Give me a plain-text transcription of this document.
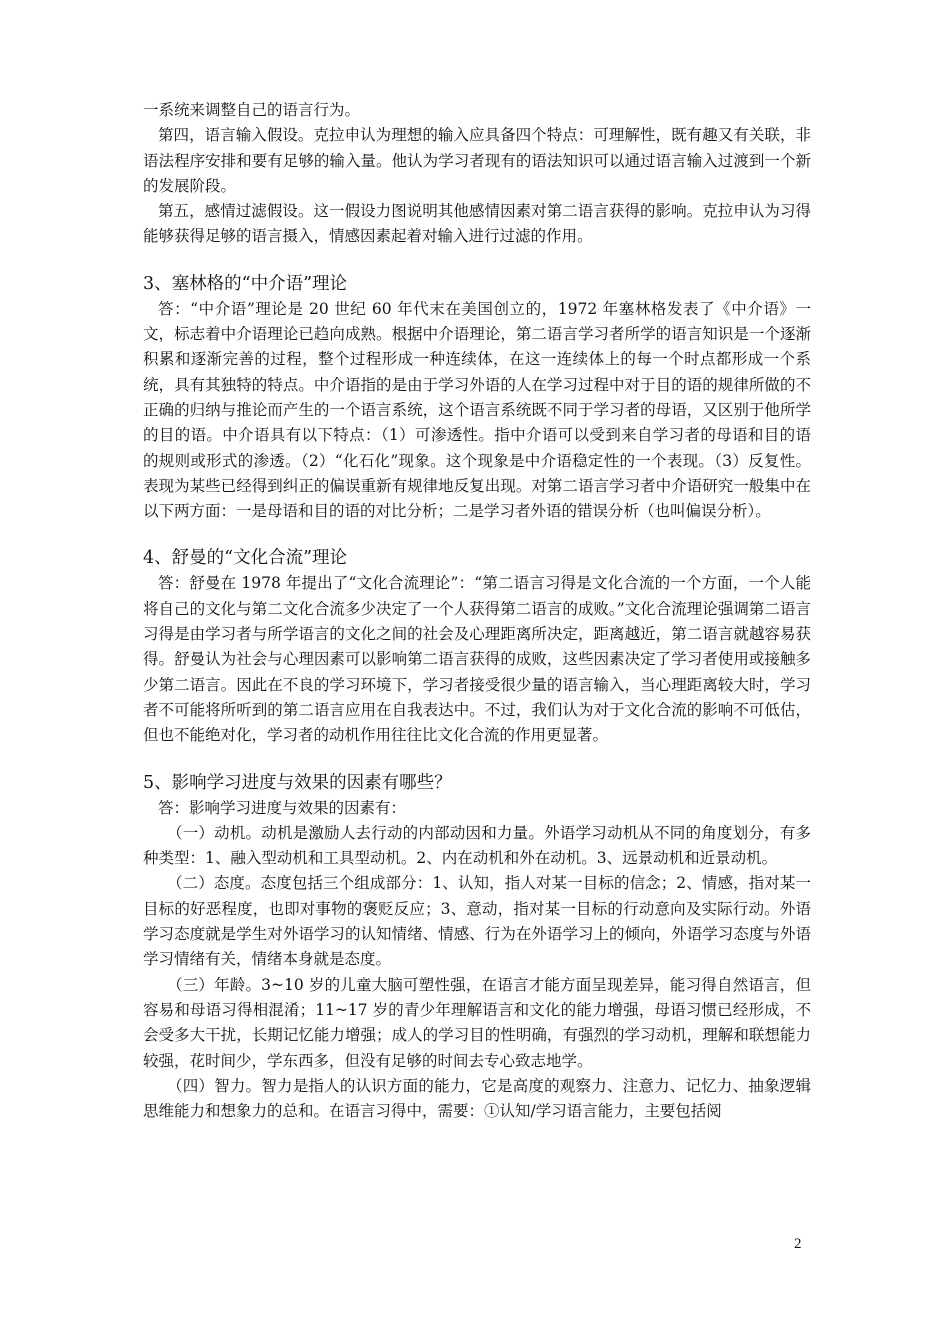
一系统来调整自己的语言行为。

第四，语言输入假设。克拉申认为理想的输入应具备四个特点：可理解性，既有趣又有关联，非语法程序安排和要有足够的输入量。他认为学习者现有的语法知识可以通过语言输入过渡到一个新的发展阶段。

第五，感情过滤假设。这一假设力图说明其他感情因素对第二语言获得的影响。克拉申认为习得能够获得足够的语言摄入，情感因素起着对输入进行过滤的作用。

3、塞林格的“中介语”理论

答：“中介语”理论是 20 世纪 60 年代末在美国创立的，1972 年塞林格发表了《中介语》一文，标志着中介语理论已趋向成熟。根据中介语理论，第二语言学习者所学的语言知识是一个逐渐积累和逐渐完善的过程，整个过程形成一种连续体，在这一连续体上的每一个时点都形成一个系统，具有其独特的特点。中介语指的是由于学习外语的人在学习过程中对于目的语的规律所做的不正确的归纳与推论而产生的一个语言系统，这个语言系统既不同于学习者的母语，又区别于他所学的目的语。中介语具有以下特点：（1）可渗透性。指中介语可以受到来自学习者的母语和目的语的规则或形式的渗透。（2）“化石化”现象。这个现象是中介语稳定性的一个表现。（3）反复性。表现为某些已经得到纠正的偏误重新有规律地反复出现。对第二语言学习者中介语研究一般集中在以下两方面：一是母语和目的语的对比分析；二是学习者外语的错误分析（也叫偏误分析）。

4、舒曼的“文化合流”理论

答：舒曼在 1978 年提出了“文化合流理论”：“第二语言习得是文化合流的一个方面，一个人能将自己的文化与第二文化合流多少决定了一个人获得第二语言的成败。”文化合流理论强调第二语言习得是由学习者与所学语言的文化之间的社会及心理距离所决定，距离越近，第二语言就越容易获得。舒曼认为社会与心理因素可以影响第二语言获得的成败，这些因素决定了学习者使用或接触多少第二语言。因此在不良的学习环境下，学习者接受很少量的语言输入，当心理距离较大时，学习者不可能将所听到的第二语言应用在自我表达中。不过，我们认为对于文化合流的影响不可低估，但也不能绝对化，学习者的动机作用往往比文化合流的作用更显著。

5、影响学习进度与效果的因素有哪些？

答：影响学习进度与效果的因素有：

（一）动机。动机是激励人去行动的内部动因和力量。外语学习动机从不同的角度划分，有多种类型：1、融入型动机和工具型动机。2、内在动机和外在动机。3、远景动机和近景动机。

（二）态度。态度包括三个组成部分：1、认知，指人对某一目标的信念；2、情感，指对某一目标的好恶程度，也即对事物的褒贬反应；3、意动，指对某一目标的行动意向及实际行动。外语学习态度就是学生对外语学习的认知情绪、情感、行为在外语学习上的倾向，外语学习态度与外语学习情绪有关，情绪本身就是态度。

（三）年龄。3~10 岁的儿童大脑可塑性强，在语言才能方面呈现差异，能习得自然语言，但容易和母语习得相混淆；11~17 岁的青少年理解语言和文化的能力增强，母语习惯已经形成，不会受多大干扰，长期记忆能力增强；成人的学习目的性明确，有强烈的学习动机，理解和联想能力较强，花时间少，学东西多，但没有足够的时间去专心致志地学。

（四）智力。智力是指人的认识方面的能力，它是高度的观察力、注意力、记忆力、抽象逻辑思维能力和想象力的总和。在语言习得中，需要：①认知/学习语言能力，主要包括阅

2
